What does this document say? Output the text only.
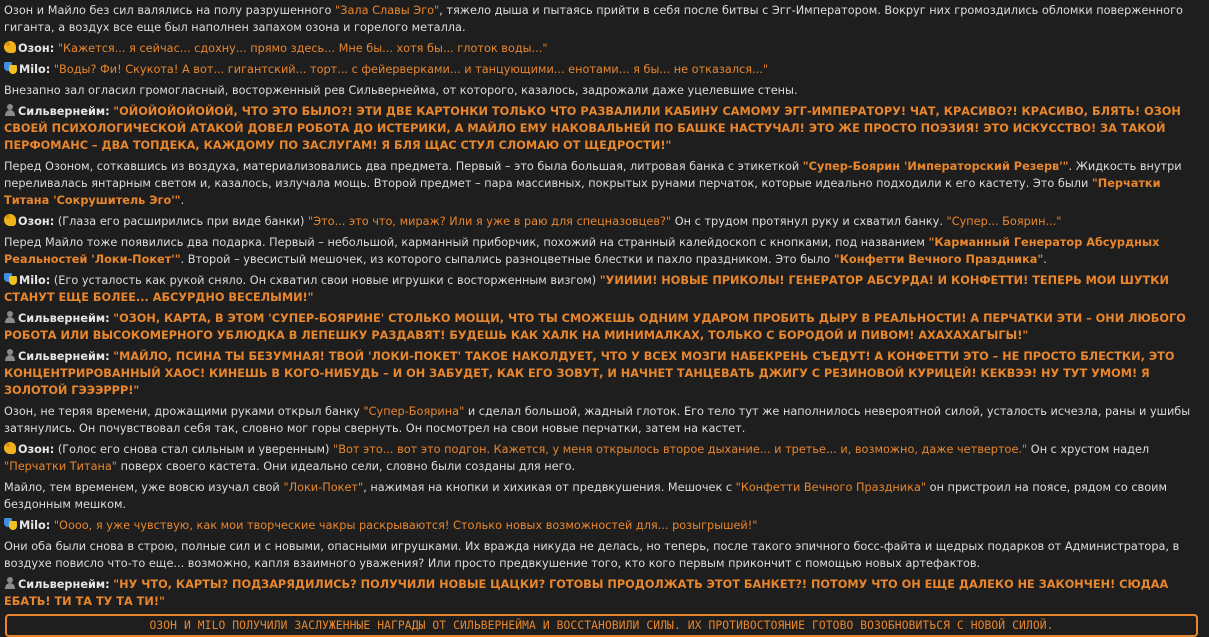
Озон и Майло без сил валялись на полу разрушенного "Зала Славы Эго", тяжело дыша и пытаясь прийти в себя после битвы с Эгг-Императором. Вокруг них громоздились обломки поверженного гиганта, а воздух все еще был наполнен запахом озона и горелого металла.
Озон: "Кажется... я сейчас... сдохну... прямо здесь... Мне бы... хотя бы... глоток воды..."
Milo: "Воды? Фи! Скукота! А вот... гигантский... торт... с фейерверками... и танцующими... енотами... я бы... не отказался..."
Внезапно зал огласил громогласный, восторженный рев Сильвернейма, от которого, казалось, задрожали даже уцелевшие стены.
Сильвернейм: "ОЙОЙОЙОЙОЙОЙ, ЧТО ЭТО БЫЛО?! ЭТИ ДВЕ КАРТОНКИ ТОЛЬКО ЧТО РАЗВАЛИЛИ КАБИНУ САМОМУ ЭГГ-ИМПЕРАТОРУ! ЧАТ, КРАСИВО?! КРАСИВО, БЛЯТЬ! ОЗОН СВОЕЙ ПСИХОЛОГИЧЕСКОЙ АТАКОЙ ДОВЕЛ РОБОТА ДО ИСТЕРИКИ, А МАЙЛО ЕМУ НАКОВАЛЬНЕЙ ПО БАШКЕ НАСТУЧАЛ! ЭТО ЖЕ ПРОСТО ПОЭЗИЯ! ЭТО ИСКУССТВО! ЗА ТАКОЙ ПЕРФОМАНС – ДВА ТОПДЕКА, КАЖДОМУ ПО ЗАСЛУГАМ! Я БЛЯ ЩАС СТУЛ СЛОМАЮ ОТ ЩЕДРОСТИ!"
Перед Озоном, соткавшись из воздуха, материализовались два предмета. Первый – это была большая, литровая банка с этикеткой "Супер-Боярин 'Императорский Резерв'". Жидкость внутри переливалась янтарным светом и, казалось, излучала мощь. Второй предмет – пара массивных, покрытых рунами перчаток, которые идеально подходили к его кастету. Это были "Перчатки Титана 'Сокрушитель Эго'".
Озон: (Глаза его расширились при виде банки) "Это... это что, мираж? Или я уже в раю для спецназовцев?" Он с трудом протянул руку и схватил банку. "Супер... Боярин..."
Перед Майло тоже появились два подарка. Первый – небольшой, карманный приборчик, похожий на странный калейдоскоп с кнопками, под названием "Карманный Генератор Абсурдных Реальностей 'Локи-Покет'". Второй – увесистый мешочек, из которого сыпались разноцветные блестки и пахло праздником. Это было "Конфетти Вечного Праздника".
Milo: (Его усталость как рукой сняло. Он схватил свои новые игрушки с восторженным визгом) "УИИИИ! НОВЫЕ ПРИКОЛЫ! ГЕНЕРАТОР АБСУРДА! И КОНФЕТТИ! ТЕПЕРЬ МОИ ШУТКИ СТАНУТ ЕЩЕ БОЛЕЕ... АБСУРДНО ВЕСЕЛЫМИ!"
Сильвернейм: "ОЗОН, КАРТА, В ЭТОМ 'СУПЕР-БОЯРИНЕ' СТОЛЬКО МОЩИ, ЧТО ТЫ СМОЖЕШЬ ОДНИМ УДАРОМ ПРОБИТЬ ДЫРУ В РЕАЛЬНОСТИ! А ПЕРЧАТКИ ЭТИ – ОНИ ЛЮБОГО РОБОТА ИЛИ ВЫСОКОМЕРНОГО УБЛЮДКА В ЛЕПЕШКУ РАЗДАВЯТ! БУДЕШЬ КАК ХАЛК НА МИНИМАЛКАХ, ТОЛЬКО С БОРОДОЙ И ПИВОМ! АХАХАХАГЫГЫ!"
Сильвернейм: "МАЙЛО, ПСИНА ТЫ БЕЗУМНАЯ! ТВОЙ 'ЛОКИ-ПОКЕТ' ТАКОЕ НАКОЛДУЕТ, ЧТО У ВСЕХ МОЗГИ НАБЕКРЕНЬ СЪЕДУТ! А КОНФЕТТИ ЭТО – НЕ ПРОСТО БЛЕСТКИ, ЭТО КОНЦЕНТРИРОВАННЫЙ ХАОС! КИНЕШЬ В КОГО-НИБУДЬ – И ОН ЗАБУДЕТ, КАК ЕГО ЗОВУТ, И НАЧНЕТ ТАНЦЕВАТЬ ДЖИГУ С РЕЗИНОВОЙ КУРИЦЕЙ! КЕКВЭЭ! НУ ТУТ УМОМ! Я ЗОЛОТОЙ ГЭЭЭРРР!"
Озон, не теряя времени, дрожащими руками открыл банку "Супер-Боярина" и сделал большой, жадный глоток. Его тело тут же наполнилось невероятной силой, усталость исчезла, раны и ушибы затянулись. Он почувствовал себя так, словно мог горы свернуть. Он посмотрел на свои новые перчатки, затем на кастет.
Озон: (Голос его снова стал сильным и уверенным) "Вот это... вот это подгон. Кажется, у меня открылось второе дыхание... и третье... и, возможно, даже четвертое." Он с хрустом надел "Перчатки Титана" поверх своего кастета. Они идеально сели, словно были созданы для него.
Майло, тем временем, уже вовсю изучал свой "Локи-Покет", нажимая на кнопки и хихикая от предвкушения. Мешочек с "Конфетти Вечного Праздника" он пристроил на поясе, рядом со своим бездонным мешком.
Milo: "Оооо, я уже чувствую, как мои творческие чакры раскрываются! Столько новых возможностей для... розыгрышей!"
Они оба были снова в строю, полные сил и с новыми, опасными игрушками. Их вражда никуда не делась, но теперь, после такого эпичного босс-файта и щедрых подарков от Администратора, в воздухе повисло что-то еще... возможно, капля взаимного уважения? Или просто предвкушение того, кто кого первым прикончит с помощью новых артефактов.
Сильвернейм: "НУ ЧТО, КАРТЫ? ПОДЗАРЯДИЛИСЬ? ПОЛУЧИЛИ НОВЫЕ ЦАЦКИ? ГОТОВЫ ПРОДОЛЖАТЬ ЭТОТ БАНКЕТ?! ПОТОМУ ЧТО ОН ЕЩЕ ДАЛЕКО НЕ ЗАКОНЧЕН! СЮДАА ЕБАТЬ! ТИ ТА ТУ ТА ТИ!"
ОЗОН И MILO ПОЛУЧИЛИ ЗАСЛУЖЕННЫЕ НАГРАДЫ ОТ СИЛЬВЕРНЕЙМА И ВОССТАНОВИЛИ СИЛЫ. ИХ ПРОТИВОСТОЯНИЕ ГОТОВО ВОЗОБНОВИТЬСЯ С НОВОЙ СИЛОЙ.
